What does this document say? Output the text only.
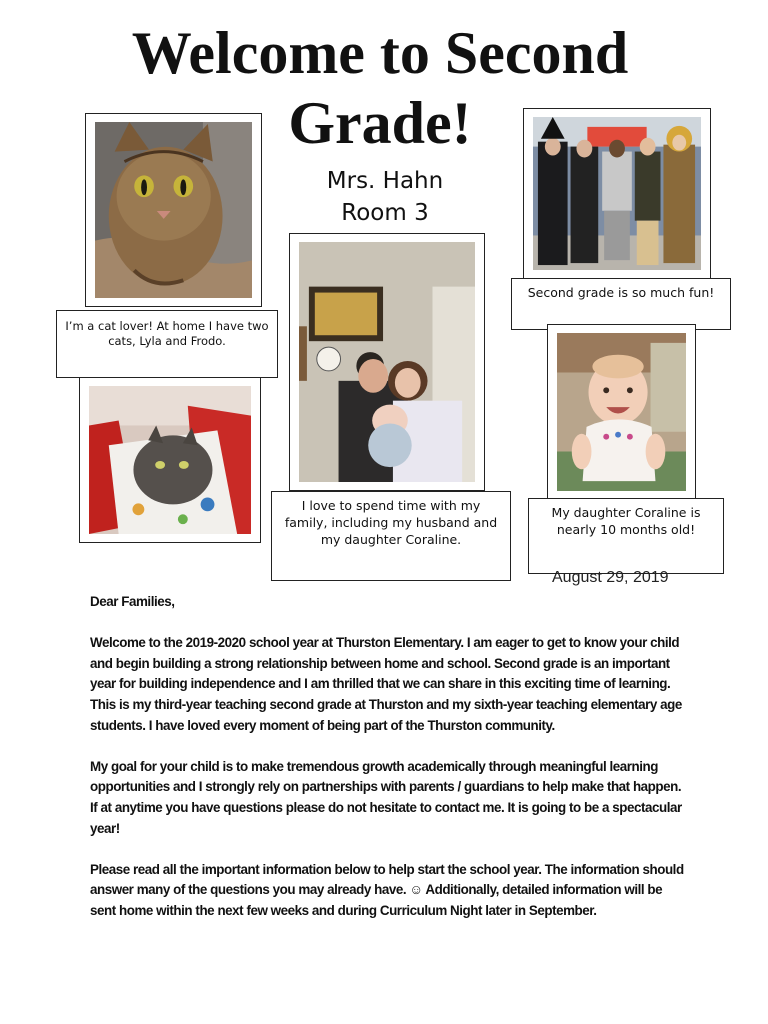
Welcome to Second Grade!
Mrs. Hahn
Room 3
I’m a cat lover! At home I have two cats, Lyla and Frodo.
I love to spend time with my family, including my husband and my daughter Coraline.
Second grade is so much fun!
My daughter Coraline is nearly 10 months old!
August 29, 2019

Dear Families,

Welcome to the 2019-2020 school year at Thurston Elementary. I am eager to get to know your child and begin building a strong relationship between home and school. Second grade is an important year for building independence and I am thrilled that we can share in this exciting time of learning. This is my third-year teaching second grade at Thurston and my sixth-year teaching elementary age students. I have loved every moment of being part of the Thurston community.

My goal for your child is to make tremendous growth academically through meaningful learning opportunities and I strongly rely on partnerships with parents / guardians to help make that happen. If at anytime you have questions please do not hesitate to contact me. It is going to be a spectacular year!

Please read all the important information below to help start the school year. The information should answer many of the questions you may already have. ☺ Additionally, detailed information will be sent home within the next few weeks and during Curriculum Night later in September.
